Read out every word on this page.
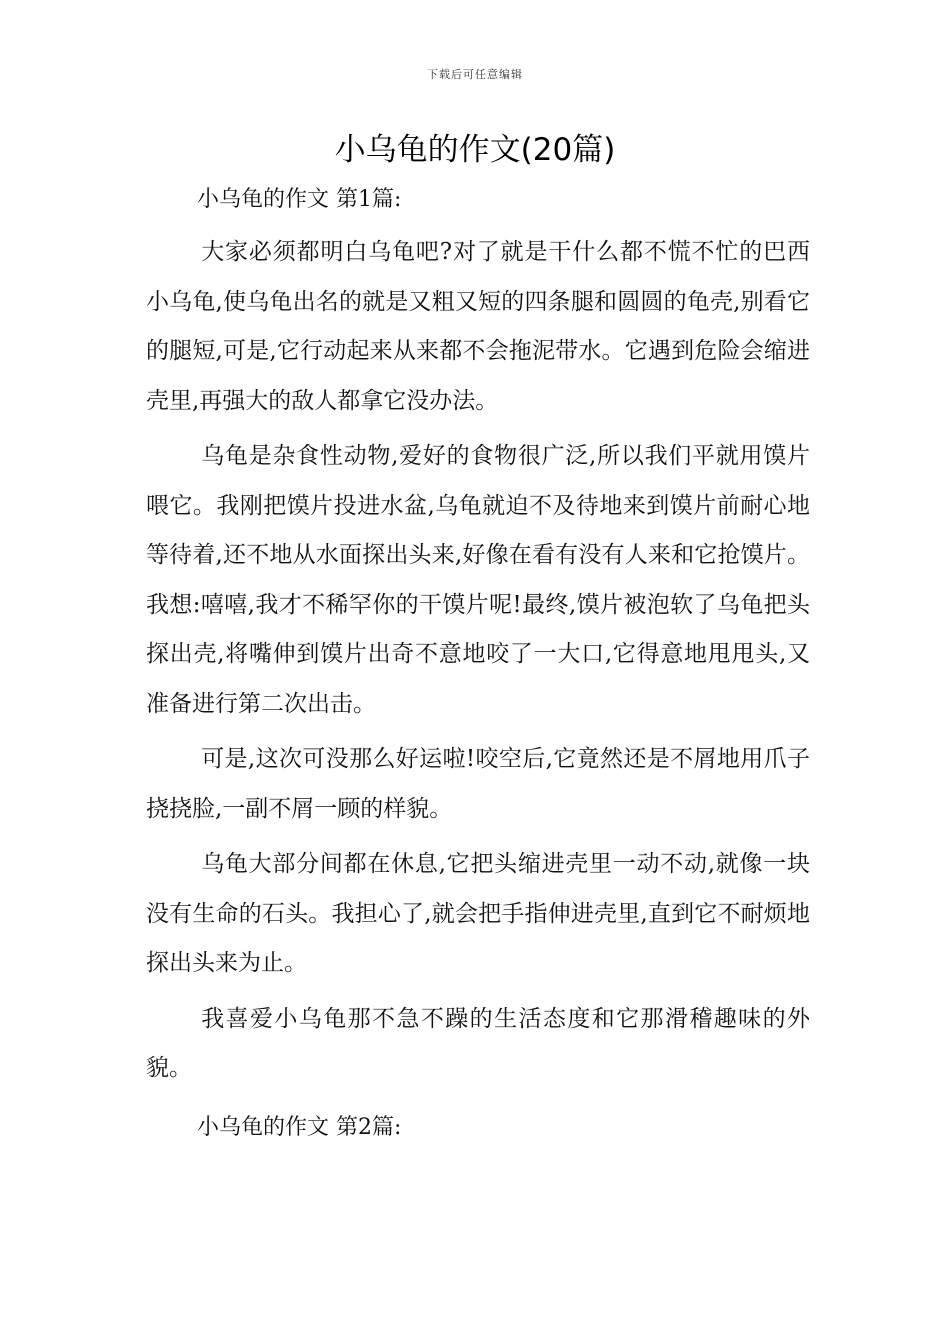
下载后可任意编辑
小乌龟的作文(20篇)
小乌龟的作文 第1篇:

大家必须都明白乌龟吧?对了就是干什么都不慌不忙的巴西小乌龟,使乌龟出名的就是又粗又短的四条腿和圆圆的龟壳,别看它的腿短,可是,它行动起来从来都不会拖泥带水。它遇到危险会缩进壳里,再强大的敌人都拿它没办法。

乌龟是杂食性动物,爱好的食物很广泛,所以我们平就用馍片喂它。我刚把馍片投进水盆,乌龟就迫不及待地来到馍片前耐心地等待着,还不地从水面探出头来,好像在看有没有人来和它抢馍片。我想:嘻嘻,我才不稀罕你的干馍片呢!最终,馍片被泡软了乌龟把头探出壳,将嘴伸到馍片出奇不意地咬了一大口,它得意地甩甩头,又准备进行第二次出击。

可是,这次可没那么好运啦!咬空后,它竟然还是不屑地用爪子挠挠脸,一副不屑一顾的样貌。

乌龟大部分间都在休息,它把头缩进壳里一动不动,就像一块没有生命的石头。我担心了,就会把手指伸进壳里,直到它不耐烦地探出头来为止。

我喜爱小乌龟那不急不躁的生活态度和它那滑稽趣味的外貌。

小乌龟的作文 第2篇:
